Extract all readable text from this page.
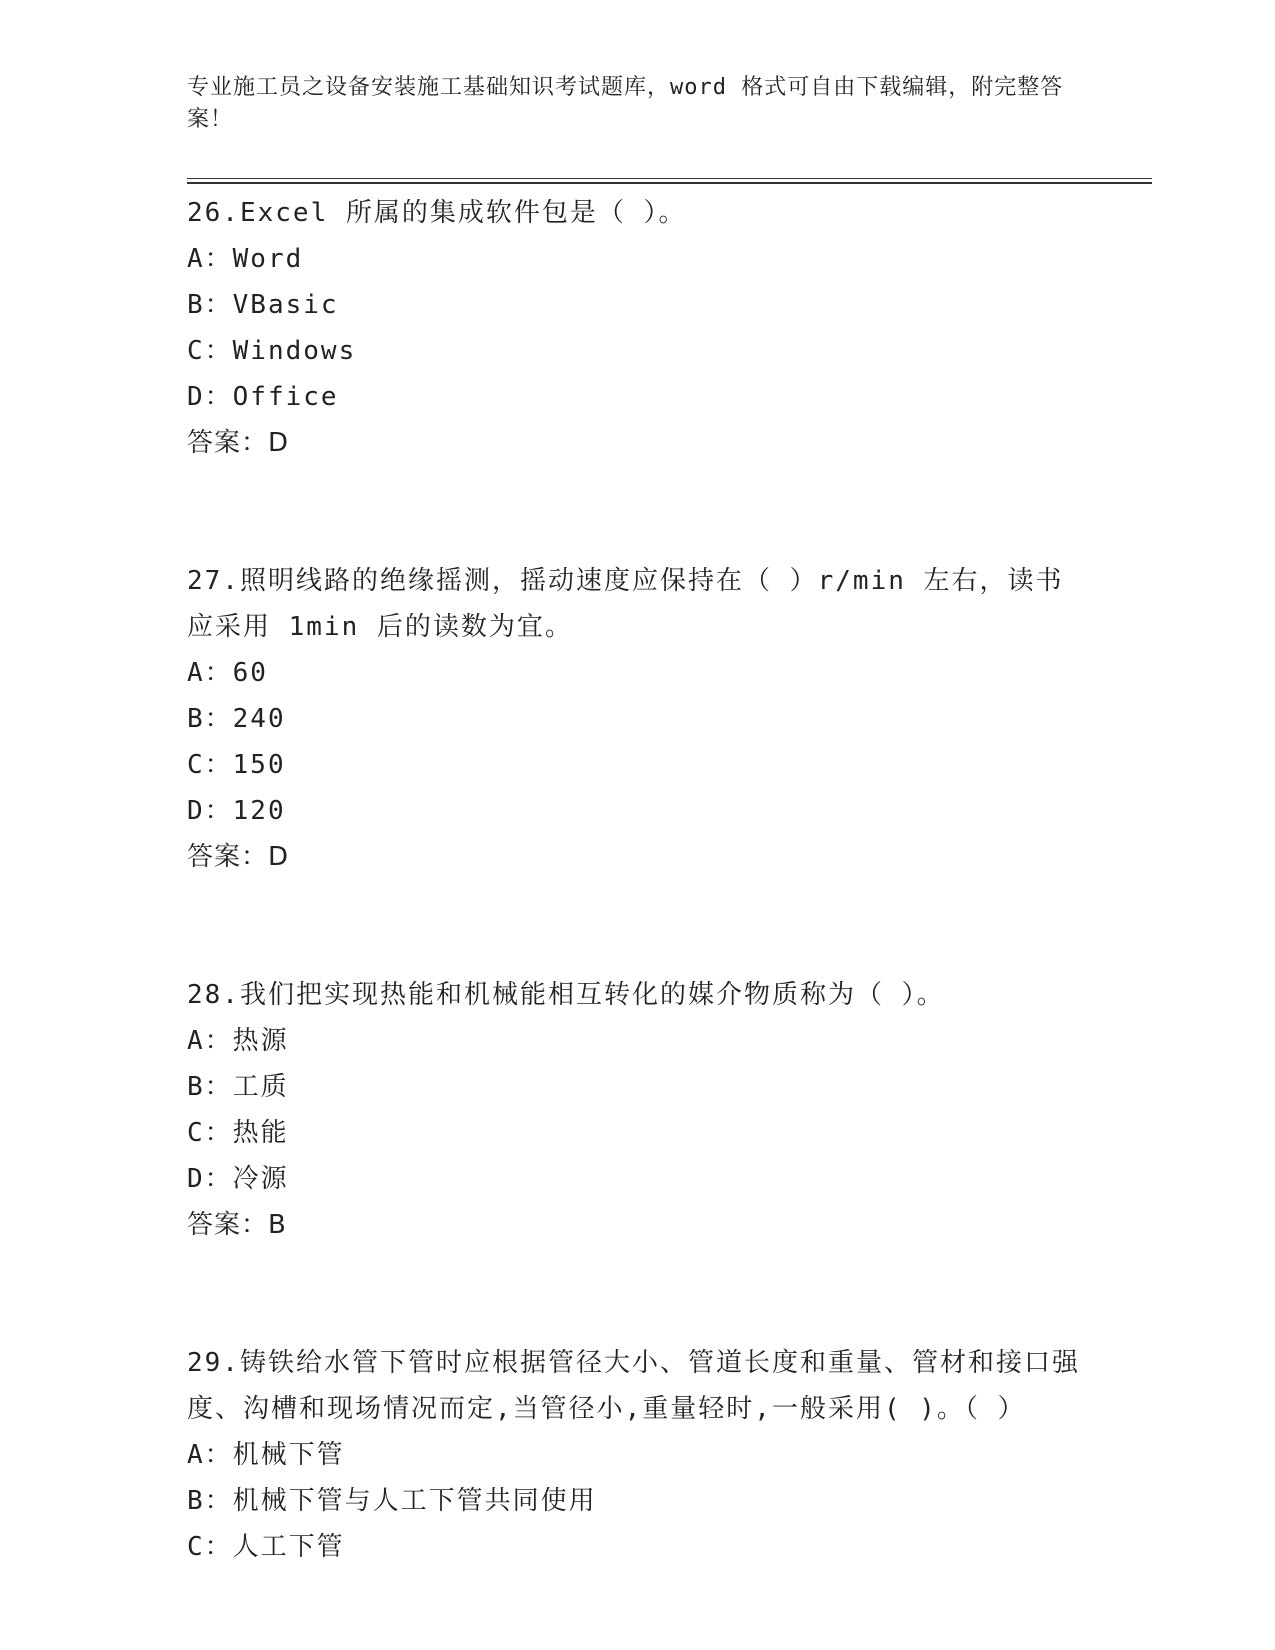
专业施工员之设备安装施工基础知识考试题库，word 格式可自由下载编辑，附完整答案！
26.Excel 所属的集成软件包是（ ）。
A：Word
B：VBasic
C：Windows
D：Office
答案：D
27.照明线路的绝缘摇测，摇动速度应保持在（ ）r/min 左右，读书应采用 1min 后的读数为宜。
A：60
B：240
C：150
D：120
答案：D
28.我们把实现热能和机械能相互转化的媒介物质称为（ ）。
A：热源
B：工质
C：热能
D：冷源
答案：B
29.铸铁给水管下管时应根据管径大小、管道长度和重量、管材和接口强度、沟槽和现场情况而定,当管径小,重量轻时,一般采用( )。（ ）
A：机械下管
B：机械下管与人工下管共同使用
C：人工下管
